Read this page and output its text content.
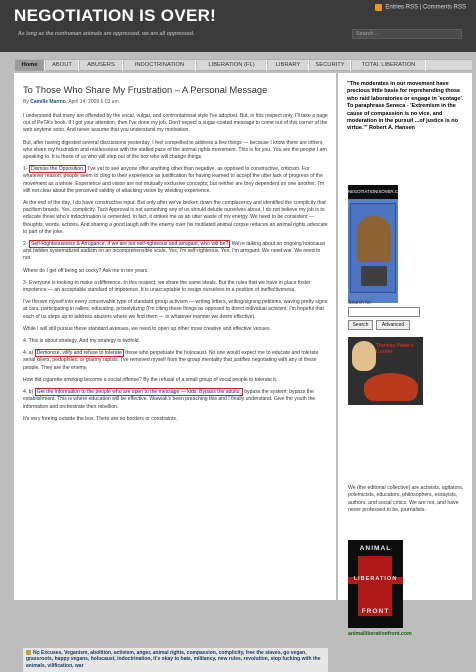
NEGOTIATION IS OVER!
As long as the nonhuman animals are oppressed, we are all oppressed.
Entries RSS | Comments RSS
Search ...
Home	ABOUT	ABUSERS	INDOCTRINATION	LIBERATION (FL)	LIBRARY	SECURITY	TOTAL LIBERATION
To Those Who Share My Frustration – A Personal Message
By Camille Marino, April 14, 2009 6:03 am

I understand that many are offended by the vocal, vulgar, and confrontational style I've adopted. But, in this respect only, I'll take a page out of PeTA's book. If I got your attention, then I've done my job. Don't expect a sugar-coated message to come out of this corner of the web anytime soon. And never assume that you understand my motivation.

But, after having digested several discussions yesterday, I feel compelled to address a few things — because I know there are others who share my frustration and restlessness with the stalled pace of the animal rights movement. This is for you. You are the people I am speaking to. It is those of us who will step out of the box who will change things.

1- Dismiss the Opposition. I've yet to see anyone offer anything other than negative, as opposed to constructive, criticism. For whatever reason, people seem to cling to their experience as justification for having learned to accept the utter lack of progress of the movement as a whole. Experience and vision are not mutually exclusive concepts; but neither are they dependent on one another. I'm still not clear about the perceived validity of attacking vision by wielding experience.

At the end of the day, I do have constructive input. But only after we've broken down the complacency and identified the complicity that pacifism breeds. Yes, complicity. Tacit Approval is not something any of us should delude ourselves about. I do not believe my job is to educate those who's indoctrination is cemented. In fact, it strikes me as an utter waste of my energy. We need to be consistent — thoughts, words, actions. And sharing a good laugh with the enemy over his mutilated animal corpse reduces an animal rights advocate to part of the joke.

2- Self-Righteousness & Arrogance. If we are not self-righteous and arrogant, who will be? We're talking about an ongoing holocaust and hidden systematized sadism on an incomprehensible scale. Yes, I'm self-righteous. Yes, I'm arrogant. We need war. We need to not.

Where do I get off being so cocky? Ask me in ten years.

3- Everyone is looking to make a difference. In this respect, we share the same ideals. But the rules that we have in place foster impotence — an acceptable standard of impotence. It is unacceptable to resign ourselves to a position of ineffectiveness.

I've thrown myself into every conceivable type of standard group activism — writing letters, writing/signing petitions, waving pretty signs at cars, participating in rallies, educating, proselytizing (I'm citing these things as opposed to direct individual activism. I'm hopeful that each of us steps up to address abusers where we find them — in whatever manner we deem effective).

While I will still pursue these standard avenues, we need to open up other more creative and effective venues.

4. This is about strategy. And my strategy is twofold.

4. a) Demonize, vilify and refuse to tolerate those who perpetuate the holocaust. No one would expect me to educate and tolerate serial killers, pedophiles, or granny rapists. I've removed myself from the group mentality that justifies negotiating with any of these people. They are the enemy.

How did cigarette smoking become a social offense? By the refusal of a small group of vocal people to tolerate it.

4. b) Get the information to the people who are open to the message — kids. Bypass the adults; bypass the system; bypass the establishment. This is where education will be effective. Warwak's been preaching this and I finally understand. Give the youth the information and orchestrate their rebellion.

It's very freeing outside the box. There are no borders or constraints.

No Excuses, Veganism, abolition, activism, anger, animal rights, compassion, complicity, free the slaves, go vegan, grassroots, happy vegans, holocaust, indoctrination, it's okay to hate, militancy, new rules, revolution, stop fucking with the animals, vilification, war
"The moderates in our movement have precious little basis for reprehending those who raid laboratories or engage in 'ecotage'. To paraphrase Seneca - 'Extremism in the cause of compassion is no vice, and moderation in the pursuit ...of justice is no virtue.'" Robert A. Hansen
NEGOTIATIONISOVER.COM
Search for:
Search	Advanced
Thomas Paine's Corner
We (the editorial collective) are activists, agitators, polemicists, educators, philosophers, essayists, authors, and social critics. We are not, and have never professed to be, journalists.
ANIMAL
LIBERATION
FRONT
animalliberationfront.com
